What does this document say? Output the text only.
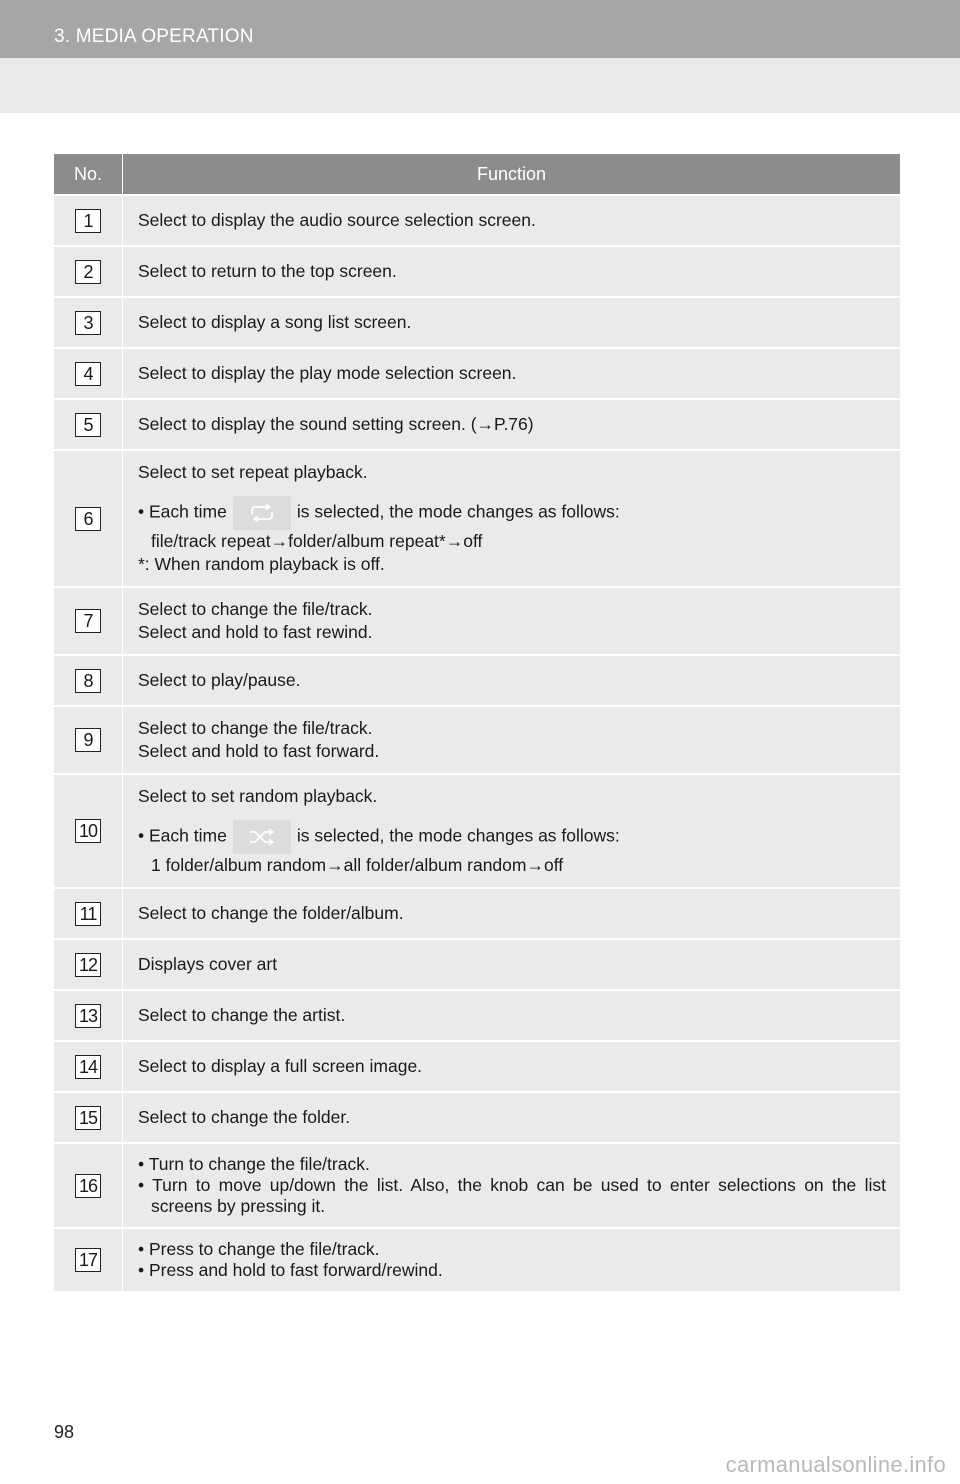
3. MEDIA OPERATION
No.	Function
1	Select to display the audio source selection screen.
2	Select to return to the top screen.
3	Select to display a song list screen.
4	Select to display the play mode selection screen.
5	Select to display the sound setting screen. (→P.76)
6	Select to set repeat playback.
• Each time is selected, the mode changes as follows:
file/track repeat→folder/album repeat*→off
*: When random playback is off.

7	Select to change the file/track.
Select and hold to fast rewind.

8	Select to play/pause.
9	Select to change the file/track.
Select and hold to fast forward.

10	Select to set random playback.
• Each time is selected, the mode changes as follows:
1 folder/album random→all folder/album random→off

11	Select to change the folder/album.
12	Displays cover art
13	Select to change the artist.
14	Select to display a full screen image.
15	Select to change the folder.
16	• Turn to change the file/track.
• Turn to move up/down the list. Also, the knob can be used to enter selections on the list screens by pressing it.

17	• Press to change the file/track.
• Press and hold to fast forward/rewind.
98
carmanualsonline.info
